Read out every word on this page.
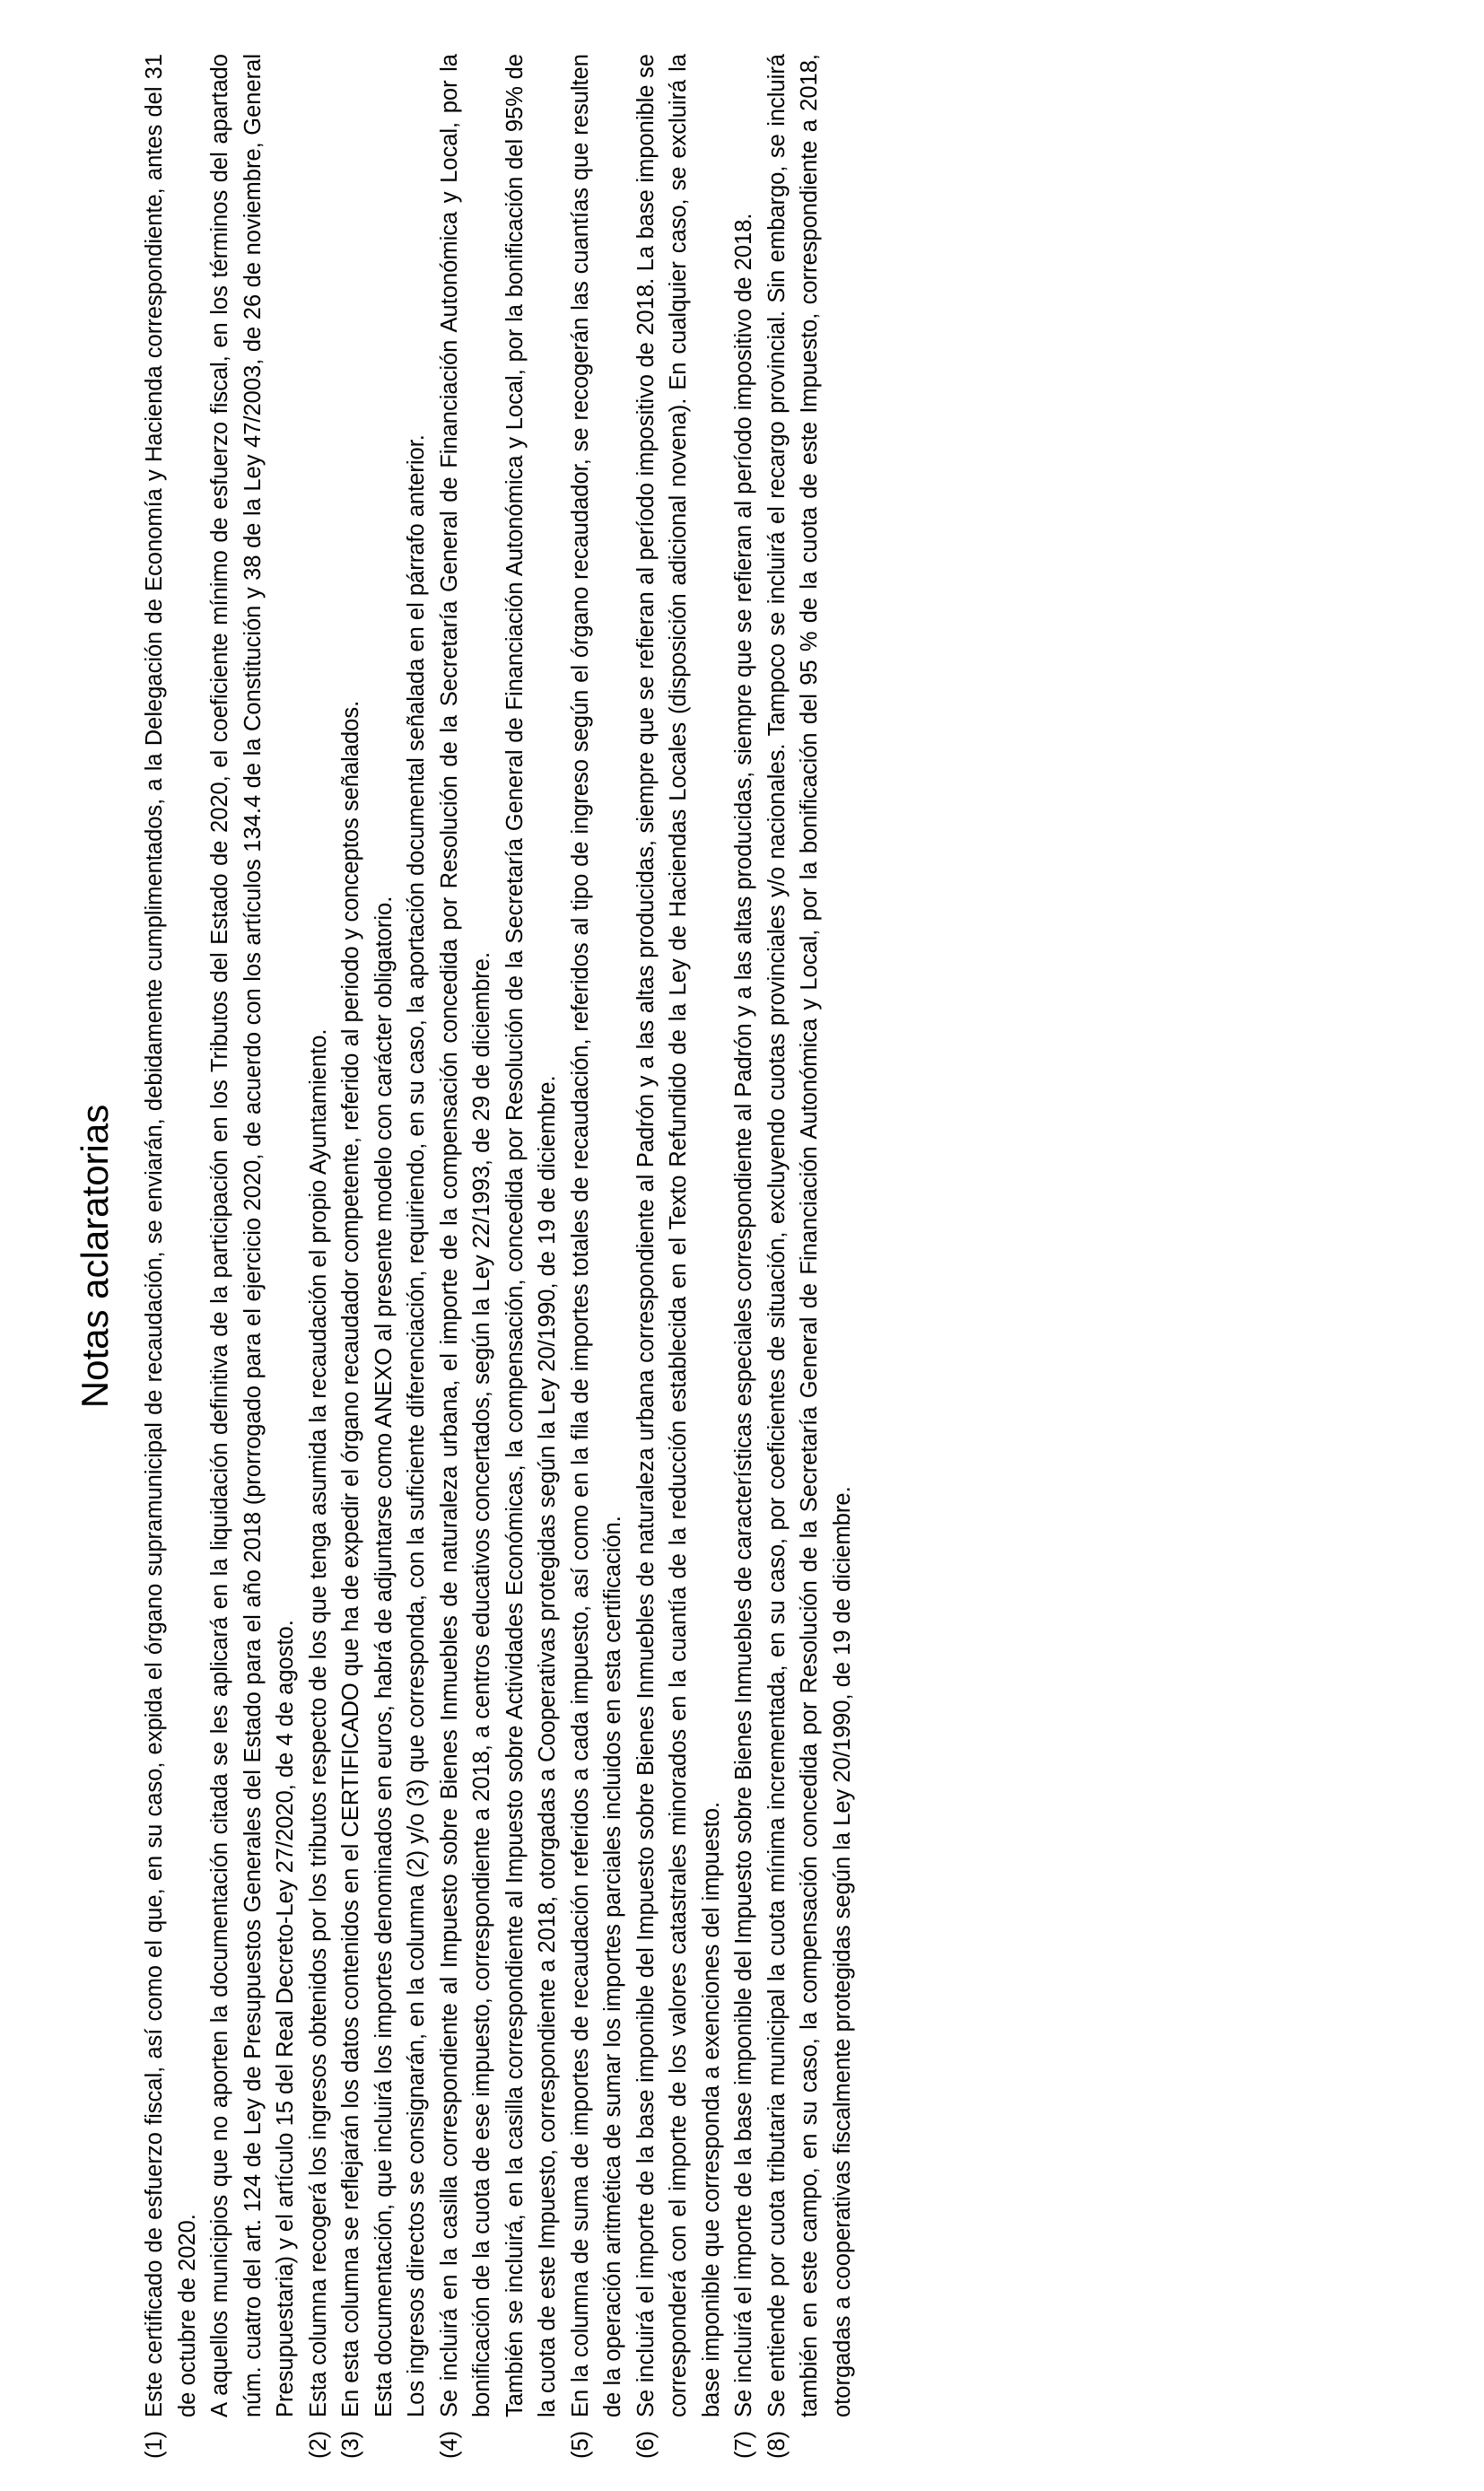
Notas aclaratorias
(1)

Este certificado de esfuerzo fiscal, así como el que, en su caso, expida el órgano supramunicipal de recaudación, se enviarán, debidamente cumplimentados, a la Delegación de Economía y Hacienda correspondiente, antes del 31 de octubre de 2020. A aquellos municipios que no aporten la documentación citada se les aplicará en la liquidación definitiva de la participación en los Tributos del Estado de 2020, el coeficiente mínimo de esfuerzo fiscal, en los términos del apartado núm. cuatro del art. 124 de Ley de Presupuestos Generales del Estado para el año 2018 (prorrogado para el ejercicio 2020, de acuerdo con los artículos 134.4 de la Constitución y 38 de la Ley 47/2003, de 26 de noviembre, General Presupuestaria) y el artículo 15 del Real Decreto-Ley 27/2020, de 4 de agosto.

(2)

Esta columna recogerá los ingresos obtenidos por los tributos respecto de los que tenga asumida la recaudación el propio Ayuntamiento.

(3)

En esta columna se reflejarán los datos contenidos en el CERTIFICADO que ha de expedir el órgano recaudador competente, referido al periodo y conceptos señalados. Esta documentación, que incluirá los importes denominados en euros, habrá de adjuntarse como ANEXO al presente modelo con carácter obligatorio. Los ingresos directos se consignarán, en la columna (2) y/o (3) que corresponda, con la suficiente diferenciación, requiriendo, en su caso, la aportación documental señalada en el párrafo anterior.

(4)

Se incluirá en la casilla correspondiente al Impuesto sobre Bienes Inmuebles de naturaleza urbana, el importe de la compensación concedida por Resolución de la Secretaría General de Financiación Autonómica y Local, por la bonificación de la cuota de ese impuesto, correspondiente a 2018, a centros educativos concertados, según la Ley 22/1993, de 29 de diciembre. También se incluirá, en la casilla correspondiente al Impuesto sobre Actividades Económicas, la compensación, concedida por Resolución de la Secretaría General de Financiación Autonómica y Local, por la bonificación del 95% de la cuota de este Impuesto, correspondiente a 2018, otorgadas a Cooperativas protegidas según la Ley 20/1990, de 19 de diciembre.

(5)

En la columna de suma de importes de recaudación referidos a cada impuesto, así como en la fila de importes totales de recaudación, referidos al tipo de ingreso según el órgano recaudador, se recogerán las cuantías que resulten de la operación aritmética de sumar los importes parciales incluidos en esta certificación.

(6)

Se incluirá el importe de la base imponible del Impuesto sobre Bienes Inmuebles de naturaleza urbana correspondiente al Padrón y a las altas producidas, siempre que se refieran al período impositivo de 2018. La base imponible se corresponderá con el importe de los valores catastrales minorados en la cuantía de la reducción establecida en el Texto Refundido de la Ley de Haciendas Locales (disposición adicional novena). En cualquier caso, se excluirá la base imponible que corresponda a exenciones del impuesto.

(7)

Se incluirá el importe de la base imponible del Impuesto sobre Bienes Inmuebles de características especiales correspondiente al Padrón y a las altas producidas, siempre que se refieran al período impositivo de 2018.

(8)

Se entiende por cuota tributaria municipal la cuota mínima incrementada, en su caso, por coeficientes de situación, excluyendo cuotas provinciales y/o nacionales. Tampoco se incluirá el recargo provincial. Sin embargo, se incluirá también en este campo, en su caso, la compensación concedida por Resolución de la Secretaría General de Financiación Autonómica y Local, por la bonificación del 95 % de la cuota de este Impuesto, correspondiente a 2018, otorgadas a cooperativas fiscalmente protegidas según la Ley 20/1990, de 19 de diciembre.
